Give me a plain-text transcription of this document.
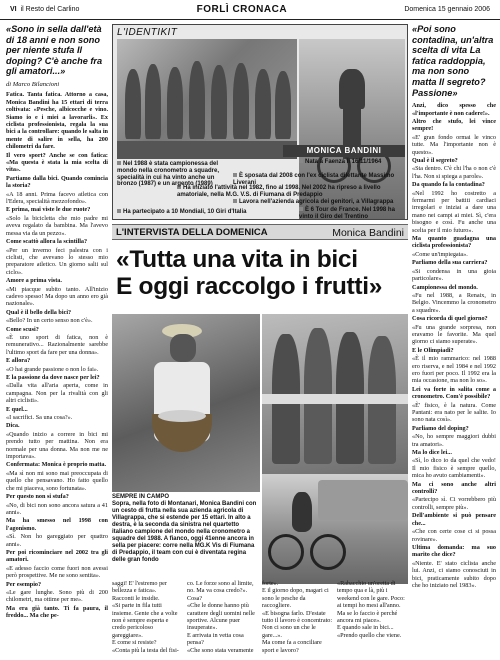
VI il Resto del Carlino	FORLÌ CRONACA	Domenica 15 gennaio 2006
«Sono in sella dall'età di 18 anni e non sono per niente stufa Il doping? C'è anche fra gli amatori...»
di Marco Bilancioni
Fatica. Tanta fatica. Attorno a casa, Monica Bandini ha 15 ettari di terra coltivata: «Pesche, albicocche e vino. Siamo io e i miei a lavorarli». Ex ciclista professionista, regala la sua bici a la controllare: quando le salta in mente di salire in sella, ha 200 chilometri da fare.
Il vero sport? Anche se con fatica: «Ma questa è stata la mia scelta di vita».
Partiamo dalla bici. Quando comincia la storia?
«A 18 anni. Prima facevo atletica con l'Edera, specialità mezzofondo».
E prima, mai viste le due ruote?
«Solo la bicicletta che mio padre mi aveva regalato da bambina. Ma l'avevo messa via da un pezzo».
Come scattò allora la scintilla?
«Per un inverno feci palestra con i ciclisti, che avevano lo stesso mio preparatore atletico. Un giorno salii sul ciclo».
Amore a prima vista.
«Mi piacque subito tanto. All'inizio cadevo spesso! Ma dopo un anno ero già nazionale».
Qual è il bello della bici?
«Bello? In un certo senso non c'è».
Come scusi?
«È uno sport di fatica, non è remunerativo... Razionalmente sarebbe l'ultimo sport da fare per una donna».
E allora?
«O hai grande passione o non lo fai».
E la passione da dove nasce per lei?
«Dalla vita all'aria aperta, come in campagna. Non per la rivalità con gli altri ciclisti».
E quel...
«I sacrifici. Sa una cosa?».
Dica.
«Quando inizio a correre in bici mi prendo tutto per mattina. Non era normale per una donna. Ma non me ne importava».
Confermata: Monica è proprio matta.
«Ma sì non mi sono mai preoccupata di quello che pensavano. Ho fatto quello che mi piaceva, sono fortunata».
Per questo non si stufa?
«No, di bici non sono ancora satura a 41 anni».
Ma ha smesso nel 1998 con l'agonismo.
«Sì. Non ho gareggiato per quattro anni».
Per poi ricominciare nel 2002 tra gli amatori.
«E adesso faccio come fuori non avessi però prospettive. Me ne sono sentita».
Per esempio?
«Le gare lunghe. Sono più di 200 chilometri, ma ottime per me».
Ma era già tanto. Ti fa paura, il freddo... Ma che pe-
L'IDENTIKIT
MONICA BANDINI
Nata a Faenza il 16/11/1964
È sposata dal 2008 con l'ex ciclista dilettante Massimo Liverani
Ha iniziato l'attività nel 1982, fino al 1998. Nel 2002 ha ripreso a livello amatoriale, nella M.G. V.S. di Fiumana di Predappio
Lavora nell'azienda agricola dei genitori, a Villagrappa
Nel 1988 è stata campionessa del mondo nella cronometro a squadre, specialità in cui ha vinto anche un bronzo (1987) e un argento (1989)
È 6 Tour de France. Nel 1998 ha vinto il Giro del Trentino
Ha partecipato a 10 Mondiali, 10 Giri d'Italia
L'INTERVISTA DELLA DOMENICA	Monica Bandini
«Tutta una vita in bici
E oggi raccolgo i frutti»
SEMPRE IN CAMPO
Sopra, nella foto di Montanari, Monica Bandini con un cesto di frutta nella sua azienda agricola di Villagrappa, che si estende per 15 ettari. In alto a destra, è la seconda da sinistra nel quartetto italiano campione del mondo nella cronometro a squadre del 1988. A fianco, oggi 41enne ancora in sella per piacere: corre nella MG.K Vis di Fiumana di Predappio, il team con cui è diventata regina delle gran fondo
saggi! E' l'estremo per bellezza e fatica».
Racconti le insidie.
«Si parte in fila tutti insieme. Gente che a volte non è sempre esperta e credo pericoloso gareggiare».
E come si resiste?
«Conta più la testa del fisi-
co. Le forze sono al limite, no. Ma va cosa credo?».
Cosa?
«Che le donne hanno più carattere degli uomini nelle sportive. Alcune puer insuperate».
E arrivata in vetta cosa pensa?
«Che sono stata veramente
forte».
E il giorno dopo, magari ci sono le pesche da raccogliere.
«E bisogna farlo. D'estate tutto il lavoro è concentrato: Non ci sono un che le gare...».
Ma come fa a conciliare sport e lavoro?
«Rabacchio un'oretta di tempo qua e là, più i weekend con le gare. Poco: ai tempi ho mesi all'anno. Ma se lo faccio è perché ancora mi piace».
E quando sale in bici...
«Prendo quello che viene.
«Poi sono contadina, un'altra scelta di vita La fatica raddoppia, ma non sono matta Il segreto? Passione»
Anzi, dico spesso che «l'importante è non cadere!».
Altro che stufo, lei vince sempre!
«E' gran fondo ormai le vinco tutte. Ma l'importante non è questo».
Qual è il segreto?
«Sta dentro. C'è chi l'ha o non c'è l'ha. Non si spiega a parole».
Da quando fa la contadina?
«Nel 1992 ho costretto a fermarmi per battiti cardiaci irregolari e iniziai a dare una mano nei campi ai miei. Sì, c'era bisogno e così. Fu anche una scelta per il mio futuro».
Ma quanto guadagna una ciclista professionista?
«Come un'impiegata».
Parliamo della sua carriera?
«Si condensa in una gioia particolare».
Campionessa del mondo.
«Fu nel 1988, a Renaix, in Belgio. Vincemmo la cronometro a squadre».
Cosa ricorda di quel giorno?
«Fu una grande sorpresa, non eravamo le favorite. Ma quel giorno ci siamo superate».
E le Olimpiadi?
«È il mio rammarico: nel 1988 ero riserva, e nel 1984 e nel 1992 ero fuori per poco. Il 1992 era la mia occasione, ma non lo so».
Lei va forte in salita come a cronometro. Com'è possibile?
«È' fisico, è la natura. Come Pantani: era nato per le salite. Io sono nata così».
Parliamo del doping?
«No, ho sempre maggiori dubbi tra amatori».
Ma lo dice lei...
«Sì, lo dico io da quel che vedo! Il mio fisico è sempre quello, mica ho avuto cambiamenti».
Ma ci sono anche altri controlli?
«Partecipo sì. Ci vorrebbero più controlli, sempre più».
Dell'ambiente si può pensare che...
«Che con certe cose ci si possa rovinare».
Ultima domanda: ma suo marito che dice?
«Niente. E' stato ciclista anche lui. Anzi, ci siamo conosciuti in bici, praticamente subito dopo che ho iniziato nel 1983».
